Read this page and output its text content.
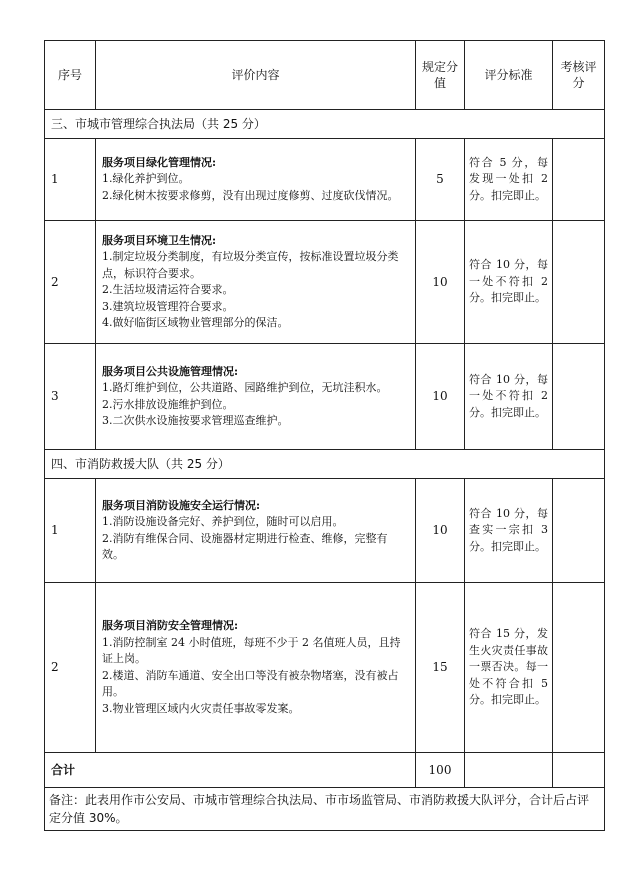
序号	评价内容	规定分值	评分标准	考核评分
三、市城市管理综合执法局（共 25 分）				
1	服务项目绿化管理情况:
1.绿化养护到位。
2.绿化树木按要求修剪，没有出现过度修剪、过度砍伐情况。	5	符合 5 分，每发现一处扣 2 分。扣完即止。	
2	服务项目环境卫生情况:
1.制定垃圾分类制度，有垃圾分类宣传，按标准设置垃圾分类点，标识符合要求。
2.生活垃圾清运符合要求。
3.建筑垃圾管理符合要求。
4.做好临街区域物业管理部分的保洁。	10	符合 10 分，每一处不符扣 2 分。扣完即止。	
3	服务项目公共设施管理情况:
1.路灯维护到位，公共道路、园路维护到位，无坑洼积水。
2.污水排放设施维护到位。
3.二次供水设施按要求管理巡查维护。	10	符合 10 分，每一处不符扣 2 分。扣完即止。	
四、市消防救援大队（共 25 分）				
1	服务项目消防设施安全运行情况:
1.消防设施设备完好、养护到位，随时可以启用。
2.消防有维保合同、设施器材定期进行检查、维修，完整有效。	10	符合 10 分，每查实一宗扣 3 分。扣完即止。	
2	服务项目消防安全管理情况:
1.消防控制室 24 小时值班，每班不少于 2 名值班人员，且持证上岗。
2.楼道、消防车通道、安全出口等没有被杂物堵塞，没有被占用。
3.物业管理区域内火灾责任事故零发案。	15	符合 15 分，发生火灾责任事故一票否决。每一处不符合扣 5 分。扣完即止。	
合计		100		
备注：此表用作市公安局、市城市管理综合执法局、市市场监管局、市消防救援大队评分，合计后占评定分值 30%。				
